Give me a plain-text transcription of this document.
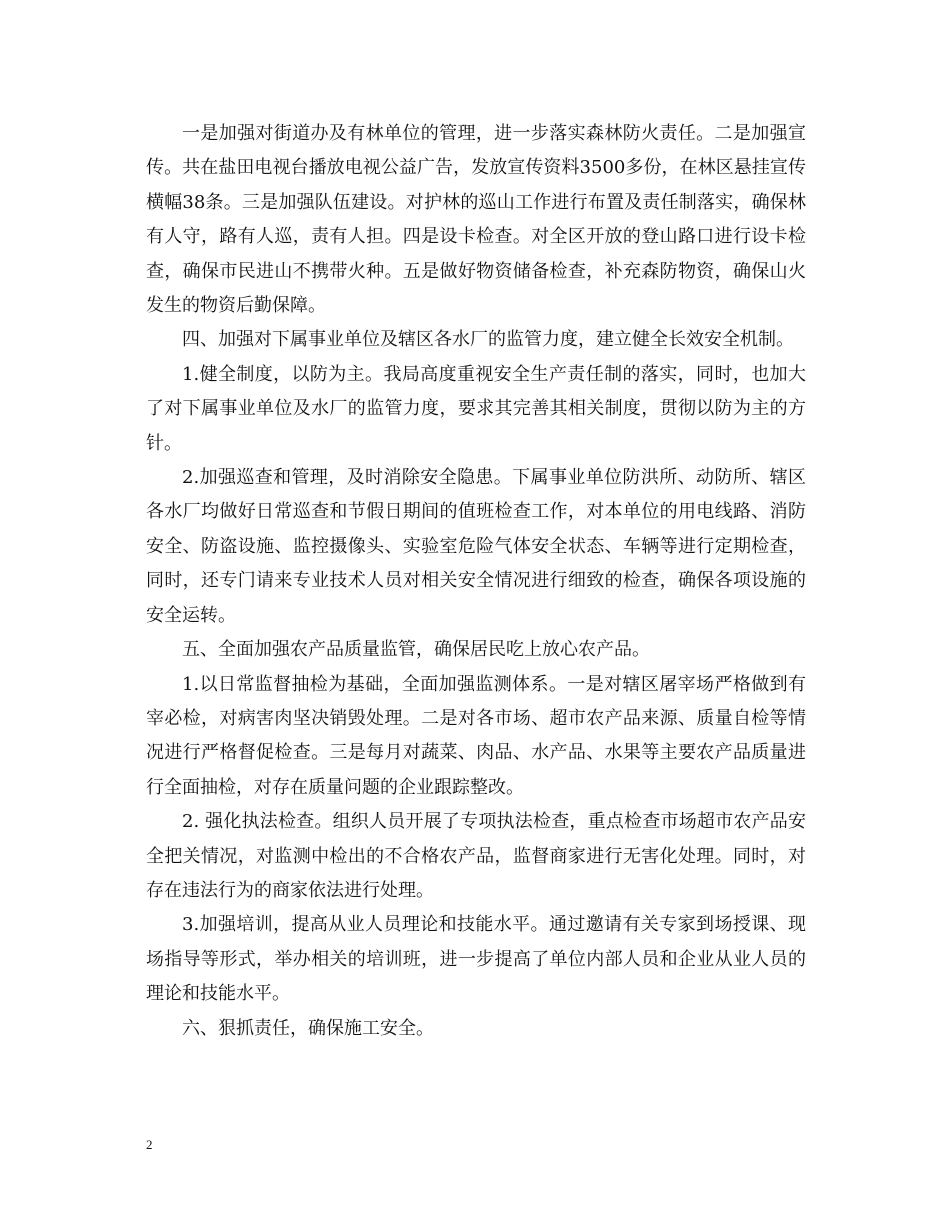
一是加强对街道办及有林单位的管理，进一步落实森林防火责任。二是加强宣传。共在盐田电视台播放电视公益广告，发放宣传资料3500多份，在林区悬挂宣传横幅38条。三是加强队伍建设。对护林的巡山工作进行布置及责任制落实，确保林有人守，路有人巡，责有人担。四是设卡检查。对全区开放的登山路口进行设卡检查，确保市民进山不携带火种。五是做好物资储备检查，补充森防物资，确保山火发生的物资后勤保障。

四、加强对下属事业单位及辖区各水厂的监管力度，建立健全长效安全机制。

1.健全制度，以防为主。我局高度重视安全生产责任制的落实，同时，也加大了对下属事业单位及水厂的监管力度，要求其完善其相关制度，贯彻以防为主的方针。

2.加强巡查和管理，及时消除安全隐患。下属事业单位防洪所、动防所、辖区各水厂均做好日常巡查和节假日期间的值班检查工作，对本单位的用电线路、消防安全、防盗设施、监控摄像头、实验室危险气体安全状态、车辆等进行定期检查，同时，还专门请来专业技术人员对相关安全情况进行细致的检查，确保各项设施的安全运转。

五、全面加强农产品质量监管，确保居民吃上放心农产品。

1.以日常监督抽检为基础，全面加强监测体系。一是对辖区屠宰场严格做到有宰必检，对病害肉坚决销毁处理。二是对各市场、超市农产品来源、质量自检等情况进行严格督促检查。三是每月对蔬菜、肉品、水产品、水果等主要农产品质量进行全面抽检，对存在质量问题的企业跟踪整改。

2. 强化执法检查。组织人员开展了专项执法检查，重点检查市场超市农产品安全把关情况，对监测中检出的不合格农产品，监督商家进行无害化处理。同时，对存在违法行为的商家依法进行处理。

3.加强培训，提高从业人员理论和技能水平。通过邀请有关专家到场授课、现场指导等形式，举办相关的培训班，进一步提高了单位内部人员和企业从业人员的理论和技能水平。

六、狠抓责任，确保施工安全。

2
